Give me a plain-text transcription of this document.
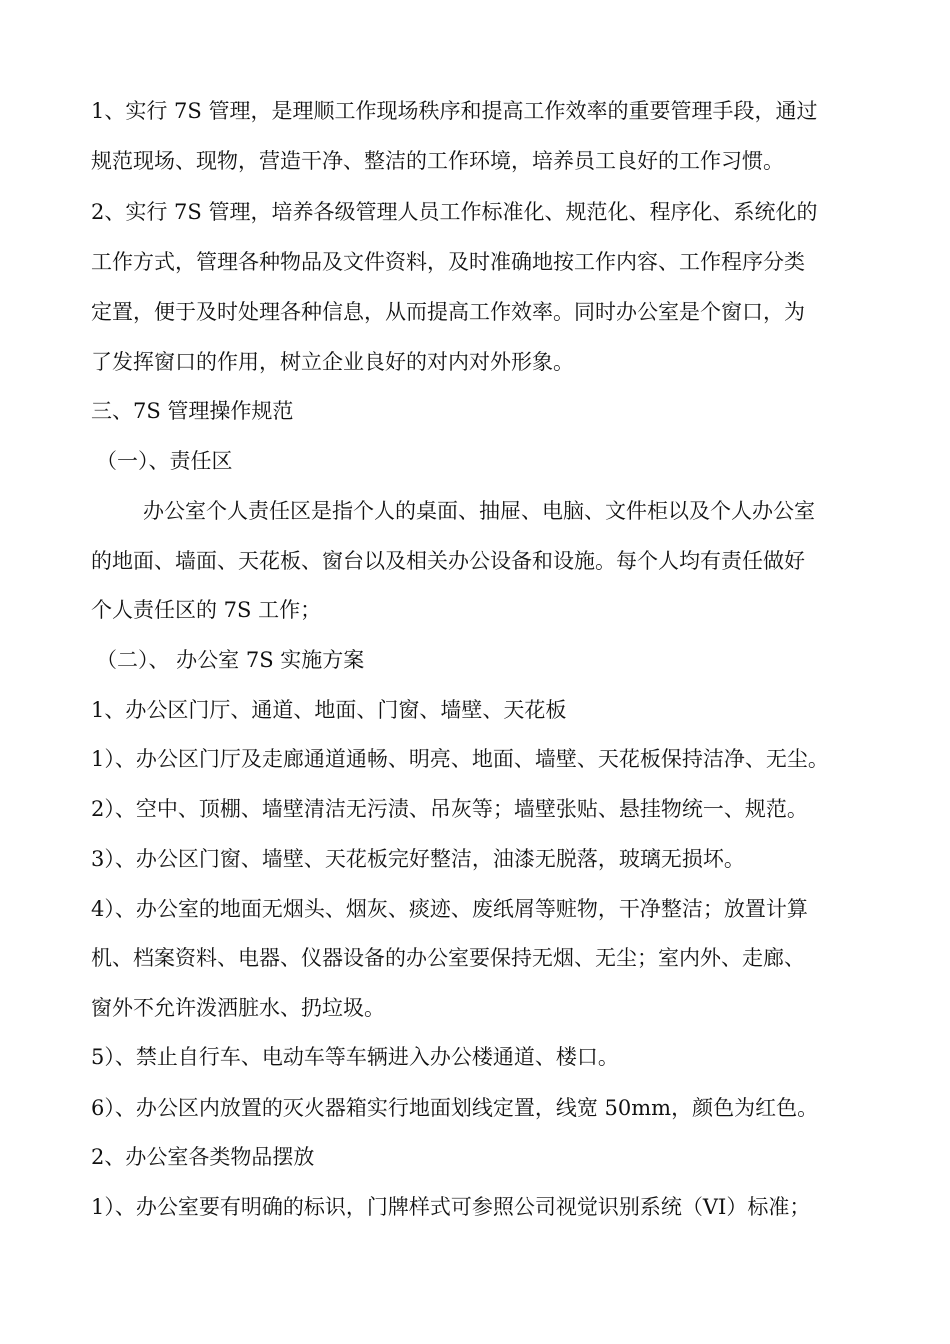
1、实行 7S 管理，是理顺工作现场秩序和提高工作效率的重要管理手段，通过
规范现场、现物，营造干净、整洁的工作环境，培养员工良好的工作习惯。
2、实行 7S 管理，培养各级管理人员工作标准化、规范化、程序化、系统化的
工作方式，管理各种物品及文件资料，及时准确地按工作内容、工作程序分类
定置，便于及时处理各种信息，从而提高工作效率。同时办公室是个窗口，为
了发挥窗口的作用，树立企业良好的对内对外形象。
三、7S 管理操作规范
（一）、责任区
办公室个人责任区是指个人的桌面、抽屉、电脑、文件柜以及个人办公室
的地面、墙面、天花板、窗台以及相关办公设备和设施。每个人均有责任做好
个人责任区的 7S 工作；
（二）、 办公室 7S 实施方案
1、办公区门厅、通道、地面、门窗、墙壁、天花板
1）、办公区门厅及走廊通道通畅、明亮、地面、墙壁、天花板保持洁净、无尘。
2）、空中、顶棚、墙壁清洁无污渍、吊灰等；墙壁张贴、悬挂物统一、规范。
3）、办公区门窗、墙壁、天花板完好整洁，油漆无脱落，玻璃无损坏。
4）、办公室的地面无烟头、烟灰、痰迹、废纸屑等赃物，干净整洁；放置计算
机、档案资料、电器、仪器设备的办公室要保持无烟、无尘；室内外、走廊、
窗外不允许泼洒脏水、扔垃圾。
5）、禁止自行车、电动车等车辆进入办公楼通道、楼口。
6）、办公区内放置的灭火器箱实行地面划线定置，线宽 50mm，颜色为红色。
2、办公室各类物品摆放
1）、办公室要有明确的标识，门牌样式可参照公司视觉识别系统（VI）标准；
